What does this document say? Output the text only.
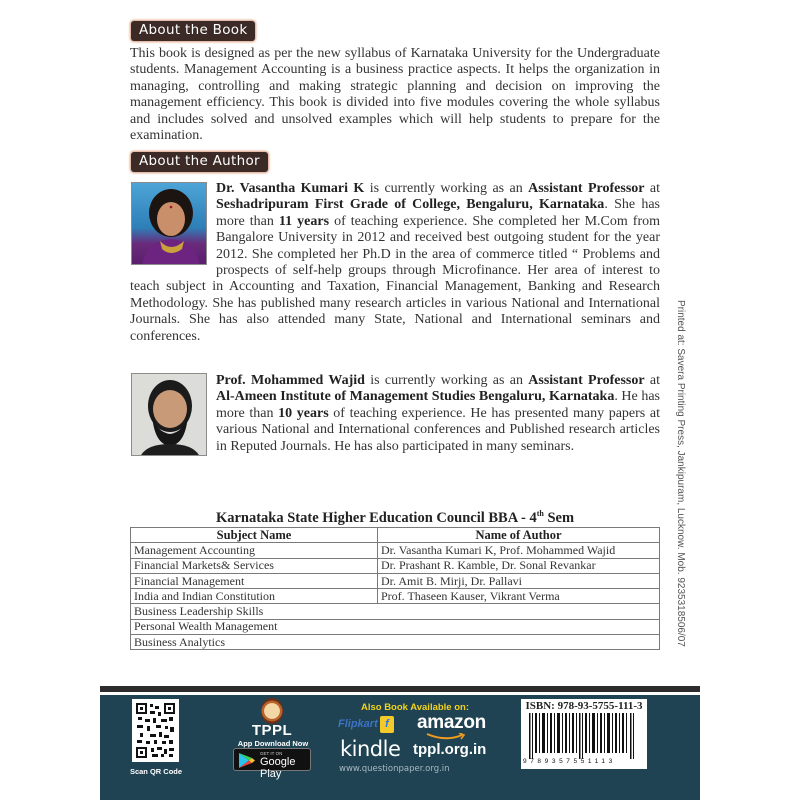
About the Book

This book is designed as per the new syllabus of Karnataka University for the Undergraduate students. Management Accounting is a business practice aspects. It helps the organization in managing, controlling and making strategic planning and decision on improving the management efficiency. This book is divided into five modules covering the whole syllabus and includes solved and unsolved examples which will help students to prepare for the examination.

About the Author

Dr. Vasantha Kumari K is currently working as an Assistant Professor at Seshadripuram First Grade of College, Bengaluru, Karnataka. She has more than 11 years of teaching experience. She completed her M.Com from Bangalore University in 2012 and received best outgoing student for the year 2012. She completed her Ph.D in the area of commerce titled “ Problems and prospects of self-help groups through Microfinance. Her area of interest to teach subject in Accounting and Taxation, Financial Management, Banking and Research Methodology. She has published many research articles in various National and International Journals. She has also attended many State, National and International seminars and conferences.

Prof. Mohammed Wajid is currently working as an Assistant Professor at Al-Ameen Institute of Management Studies Bengaluru, Karnataka. He has more than 10 years of teaching experience. He has presented many papers at various National and International conferences and Published research articles in Reputed Journals. He has also participated in many seminars.	Printed at: Savera Printing Press, Jankipuram, Lucknow. Mob. 9235318506/07
Karnataka State Higher Education Council BBA - 4th Sem
Subject Name	Name of Author
Management Accounting	Dr. Vasantha Kumari K, Prof. Mohammed Wajid
Financial Markets& Services	Dr. Prashant R. Kamble, Dr. Sonal Revankar
Financial Management	Dr. Amit B. Mirji, Dr. Pallavi
India and Indian Constitution	Prof. Thaseen Kauser, Vikrant Verma
Business Leadership Skills	
Personal Wealth Management	
Business Analytics	
Scan QR Code
TPPL
App Download Now
GET IT ON
Google Play
Also Book Available on:
Flipkart f amazon
kindle tppl.org.in
www.questionpaper.org.in
ISBN: 978-93-5755-111-3
9789357551113
